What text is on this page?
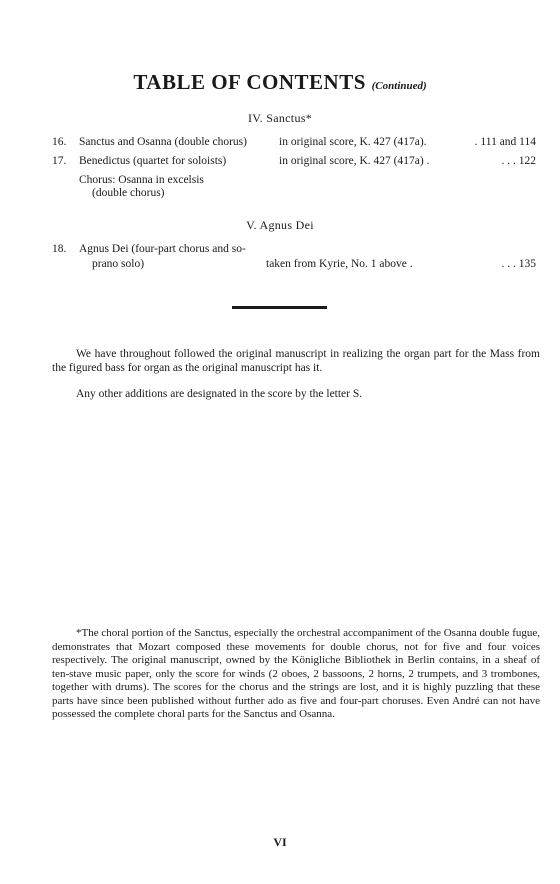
TABLE OF CONTENTS (Continued)
IV. Sanctus*
16. Sanctus and Osanna (double chorus)	in original score, K. 427 (417a).	. 111 and 114
17. Benedictus (quartet for soloists)	in original score, K. 427 (417a) .	. . . 122
Chorus: Osanna in excelsis
(double chorus)
V. Agnus Dei
18. Agnus Dei (four-part chorus and so-
prano solo)	taken from Kyrie, No. 1 above .	. . . 135
We have throughout followed the original manuscript in realizing the organ part for the Mass from the figured bass for organ as the original manuscript has it.
Any other additions are designated in the score by the letter S.
*The choral portion of the Sanctus, especially the orchestral accompaniment of the Osanna double fugue, demonstrates that Mozart composed these movements for double chorus, not for five and four voices respectively. The original manuscript, owned by the Königliche Bibliothek in Berlin contains, in a sheaf of ten-stave music paper, only the score for winds (2 oboes, 2 bassoons, 2 horns, 2 trumpets, and 3 trombones, together with drums). The scores for the chorus and the strings are lost, and it is highly puzzling that these parts have since been published without further ado as five and four-part choruses. Even André can not have possessed the complete choral parts for the Sanctus and Osanna.
VI
